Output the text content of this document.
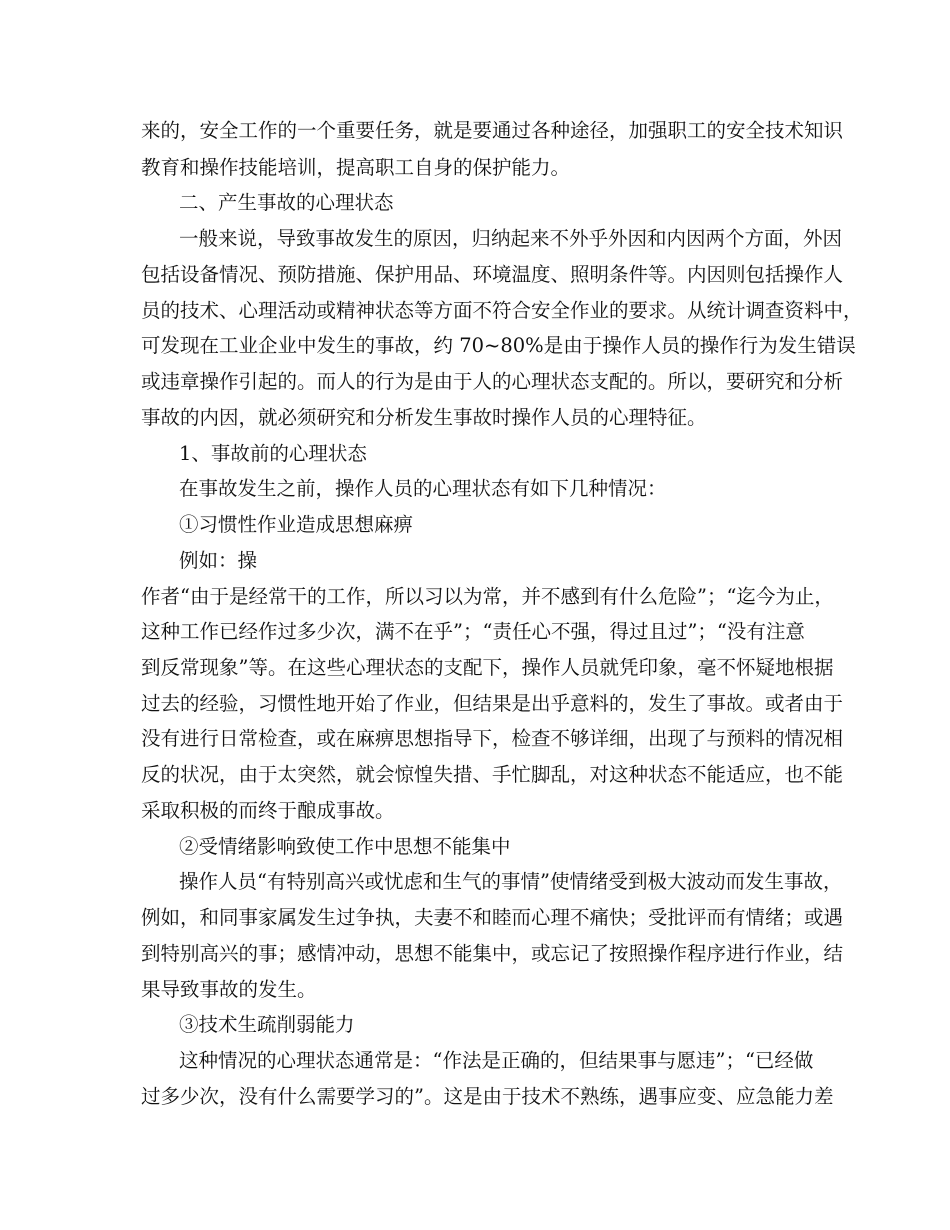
来的，安全工作的一个重要任务，就是要通过各种途径，加强职工的安全技术知识
教育和操作技能培训，提高职工自身的保护能力。
二、产生事故的心理状态
一般来说，导致事故发生的原因，归纳起来不外乎外因和内因两个方面，外因
包括设备情况、预防措施、保护用品、环境温度、照明条件等。内因则包括操作人
员的技术、心理活动或精神状态等方面不符合安全作业的要求。从统计调查资料中，
可发现在工业企业中发生的事故，约 70~80%是由于操作人员的操作行为发生错误
或违章操作引起的。而人的行为是由于人的心理状态支配的。所以，要研究和分析
事故的内因，就必须研究和分析发生事故时操作人员的心理特征。
1、事故前的心理状态
在事故发生之前，操作人员的心理状态有如下几种情况：
①习惯性作业造成思想麻痹
例如：操
作者“由于是经常干的工作，所以习以为常，并不感到有什么危险”；“迄今为止，
这种工作已经作过多少次，满不在乎”；“责任心不强，得过且过”；“没有注意
到反常现象”等。在这些心理状态的支配下，操作人员就凭印象，毫不怀疑地根据
过去的经验，习惯性地开始了作业，但结果是出乎意料的，发生了事故。或者由于
没有进行日常检查，或在麻痹思想指导下，检查不够详细，出现了与预料的情况相
反的状况，由于太突然，就会惊惶失措、手忙脚乱，对这种状态不能适应，也不能
采取积极的而终于酿成事故。
②受情绪影响致使工作中思想不能集中
操作人员“有特别高兴或忧虑和生气的事情”使情绪受到极大波动而发生事故，
例如，和同事家属发生过争执，夫妻不和睦而心理不痛快；受批评而有情绪；或遇
到特别高兴的事；感情冲动，思想不能集中，或忘记了按照操作程序进行作业，结
果导致事故的发生。
③技术生疏削弱能力
这种情况的心理状态通常是：“作法是正确的，但结果事与愿违”；“已经做
过多少次，没有什么需要学习的”。这是由于技术不熟练，遇事应变、应急能力差
